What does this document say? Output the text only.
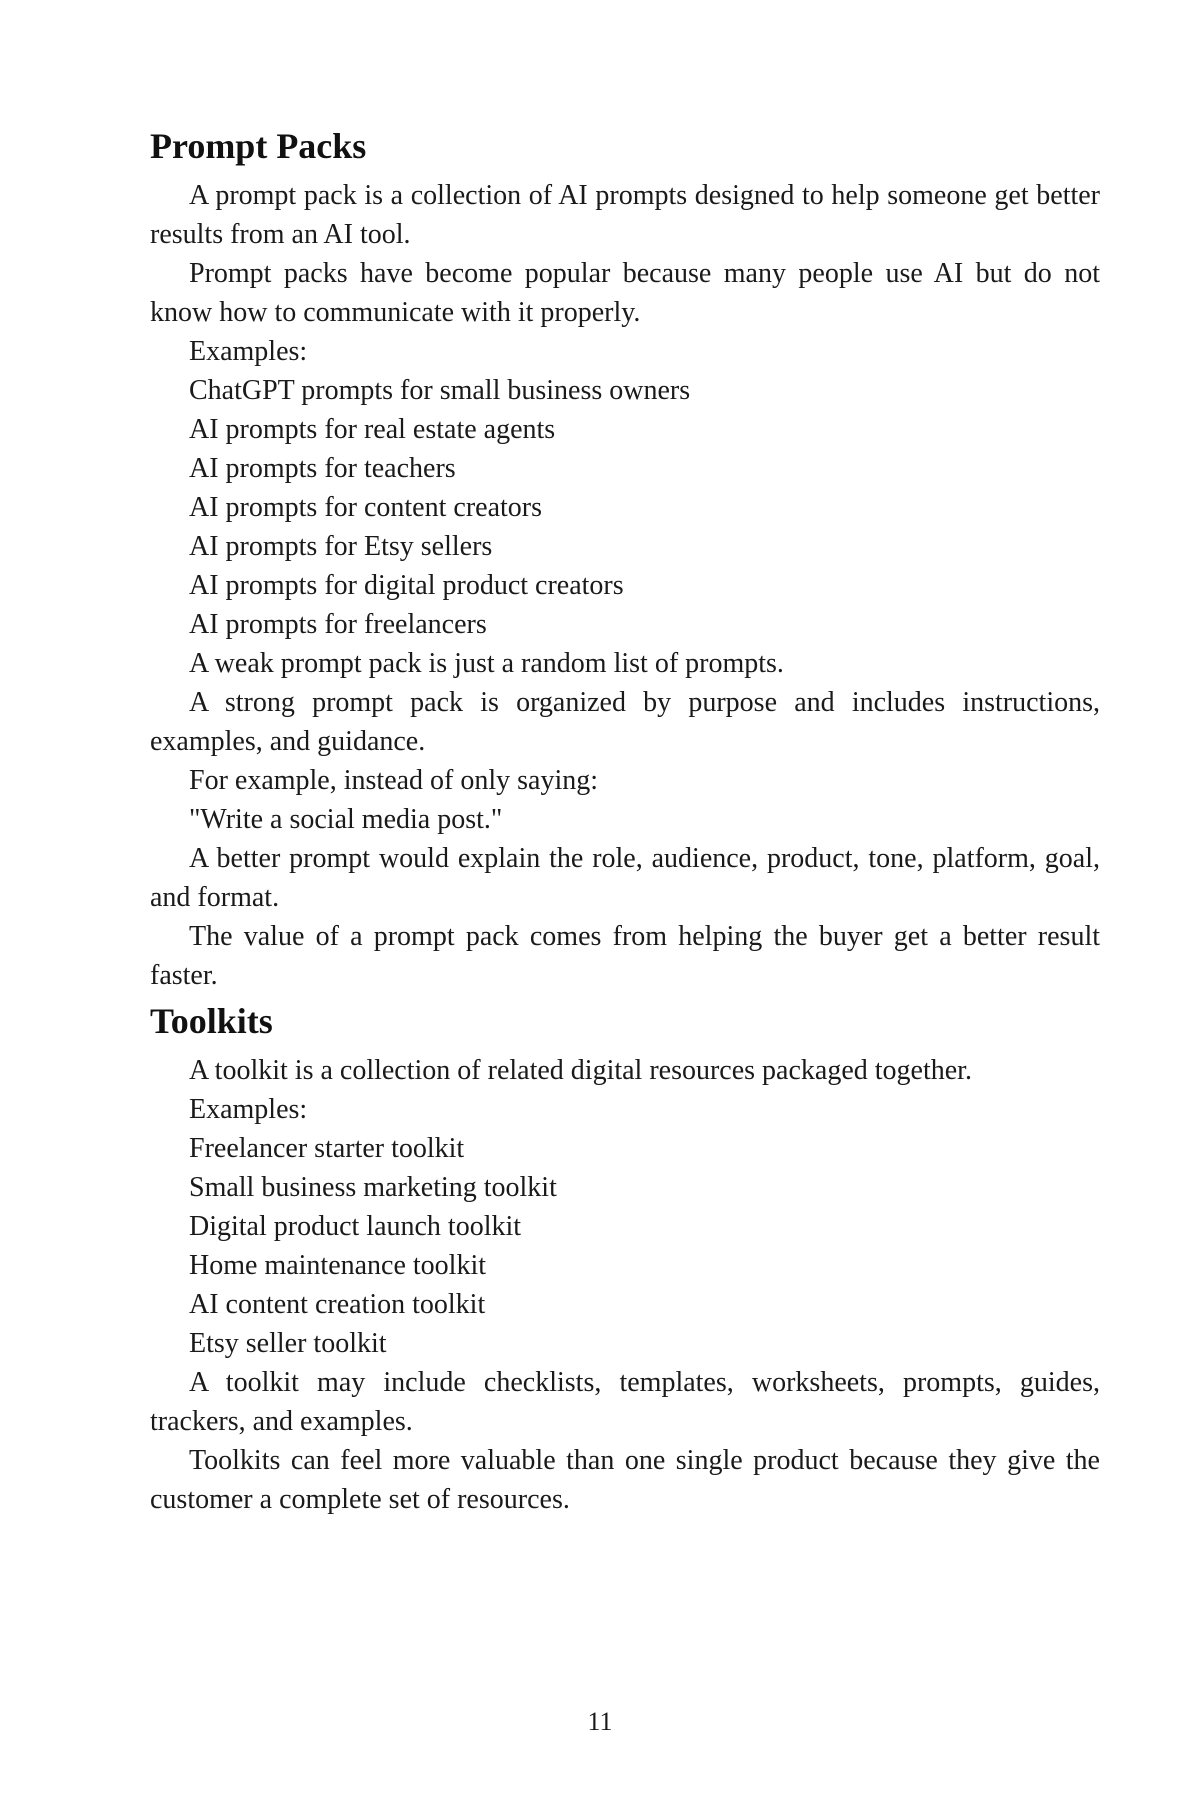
Prompt Packs

A prompt pack is a collection of AI prompts designed to help someone get better results from an AI tool.

Prompt packs have become popular because many people use AI but do not know how to communicate with it properly.

Examples:

ChatGPT prompts for small business owners

AI prompts for real estate agents

AI prompts for teachers

AI prompts for content creators

AI prompts for Etsy sellers

AI prompts for digital product creators

AI prompts for freelancers

A weak prompt pack is just a random list of prompts.

A strong prompt pack is organized by purpose and includes instructions, examples, and guidance.

For example, instead of only saying:

"Write a social media post."

A better prompt would explain the role, audience, product, tone, platform, goal, and format.

The value of a prompt pack comes from helping the buyer get a better result faster.

Toolkits

A toolkit is a collection of related digital resources packaged together.

Examples:

Freelancer starter toolkit

Small business marketing toolkit

Digital product launch toolkit

Home maintenance toolkit

AI content creation toolkit

Etsy seller toolkit

A toolkit may include checklists, templates, worksheets, prompts, guides, trackers, and examples.

Toolkits can feel more valuable than one single product because they give the customer a complete set of resources.

11
